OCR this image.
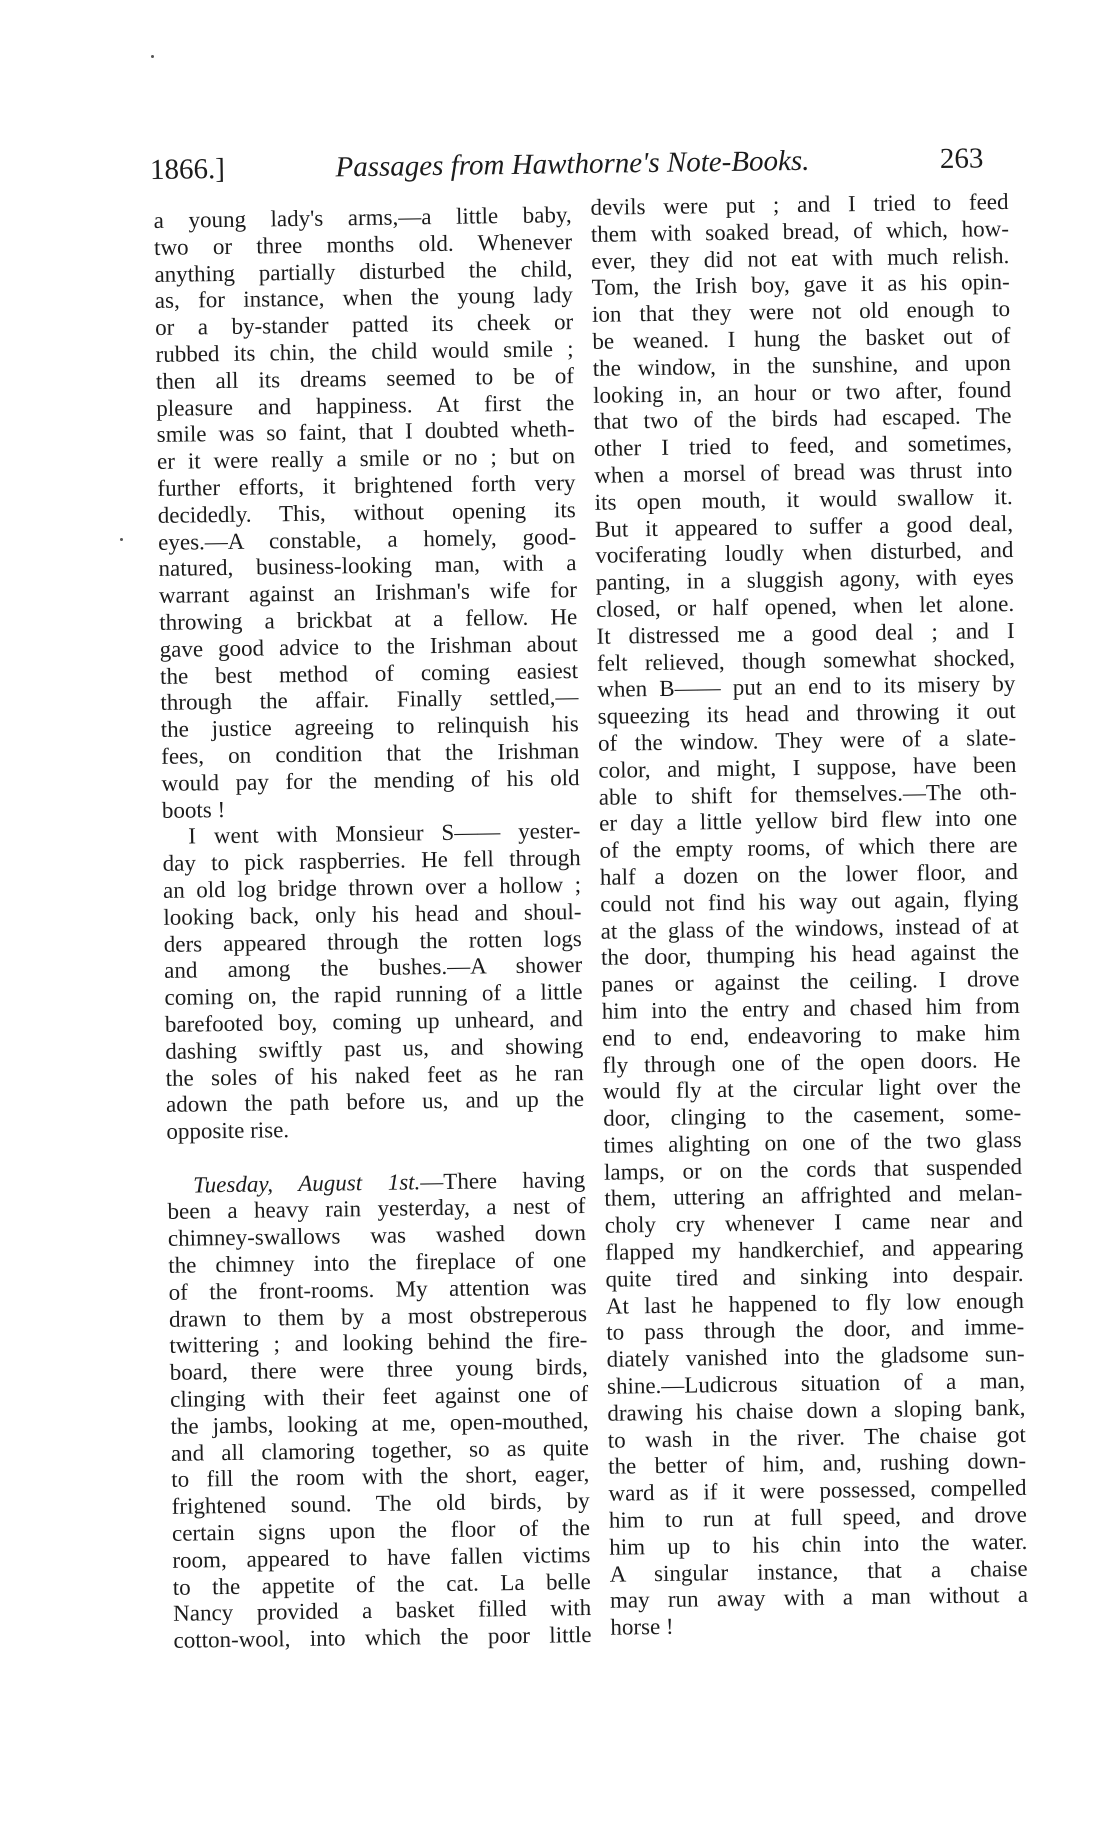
1866.]	Passages from Hawthorne's Note-Books.	263
a young lady's arms,—a little baby,
two or three months old. Whenever
anything partially disturbed the child,
as, for instance, when the young lady
or a by-stander patted its cheek or
rubbed its chin, the child would smile ;
then all its dreams seemed to be of
pleasure and happiness. At first the
smile was so faint, that I doubted wheth-
er it were really a smile or no ; but on
further efforts, it brightened forth very
decidedly. This, without opening its
eyes.—A constable, a homely, good-
natured, business-looking man, with a
warrant against an Irishman's wife for
throwing a brickbat at a fellow. He
gave good advice to the Irishman about
the best method of coming easiest
through the affair. Finally settled,—
the justice agreeing to relinquish his
fees, on condition that the Irishman
would pay for the mending of his old
boots !
I went with Monsieur S—— yester-
day to pick raspberries. He fell through
an old log bridge thrown over a hollow ;
looking back, only his head and shoul-
ders appeared through the rotten logs
and among the bushes.—A shower
coming on, the rapid running of a little
barefooted boy, coming up unheard, and
dashing swiftly past us, and showing
the soles of his naked feet as he ran
adown the path before us, and up the
opposite rise.
Tuesday, August 1st.—There having
been a heavy rain yesterday, a nest of
chimney-swallows was washed down
the chimney into the fireplace of one
of the front-rooms. My attention was
drawn to them by a most obstreperous
twittering ; and looking behind the fire-
board, there were three young birds,
clinging with their feet against one of
the jambs, looking at me, open-mouthed,
and all clamoring together, so as quite
to fill the room with the short, eager,
frightened sound. The old birds, by
certain signs upon the floor of the
room, appeared to have fallen victims
to the appetite of the cat. La belle
Nancy provided a basket filled with
cotton-wool, into which the poor little
devils were put ; and I tried to feed
them with soaked bread, of which, how-
ever, they did not eat with much relish.
Tom, the Irish boy, gave it as his opin-
ion that they were not old enough to
be weaned. I hung the basket out of
the window, in the sunshine, and upon
looking in, an hour or two after, found
that two of the birds had escaped. The
other I tried to feed, and sometimes,
when a morsel of bread was thrust into
its open mouth, it would swallow it.
But it appeared to suffer a good deal,
vociferating loudly when disturbed, and
panting, in a sluggish agony, with eyes
closed, or half opened, when let alone.
It distressed me a good deal ; and I
felt relieved, though somewhat shocked,
when B—— put an end to its misery by
squeezing its head and throwing it out
of the window. They were of a slate-
color, and might, I suppose, have been
able to shift for themselves.—The oth-
er day a little yellow bird flew into one
of the empty rooms, of which there are
half a dozen on the lower floor, and
could not find his way out again, flying
at the glass of the windows, instead of at
the door, thumping his head against the
panes or against the ceiling. I drove
him into the entry and chased him from
end to end, endeavoring to make him
fly through one of the open doors. He
would fly at the circular light over the
door, clinging to the casement, some-
times alighting on one of the two glass
lamps, or on the cords that suspended
them, uttering an affrighted and melan-
choly cry whenever I came near and
flapped my handkerchief, and appearing
quite tired and sinking into despair.
At last he happened to fly low enough
to pass through the door, and imme-
diately vanished into the gladsome sun-
shine.—Ludicrous situation of a man,
drawing his chaise down a sloping bank,
to wash in the river. The chaise got
the better of him, and, rushing down-
ward as if it were possessed, compelled
him to run at full speed, and drove
him up to his chin into the water.
A singular instance, that a chaise
may run away with a man without a
horse !
